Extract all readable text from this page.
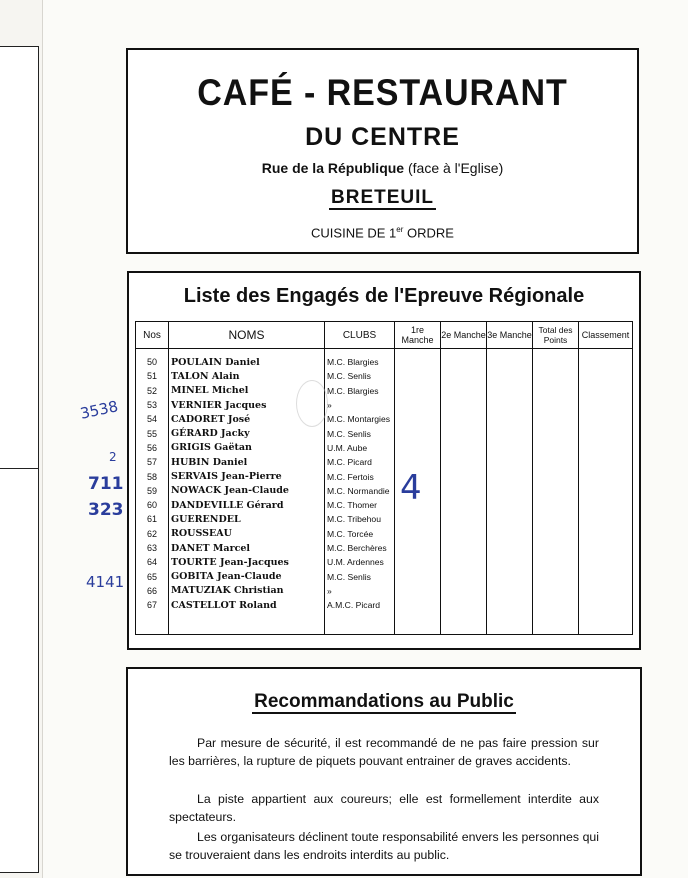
CAFÉ - RESTAURANT
DU CENTRE
Rue de la République (face à l'Eglise)
BRETEUIL
CUISINE DE 1er ORDRE
Liste des Engagés de l'Epreuve Régionale
Nos	NOMS	CLUBS	1re Manche	2e Manche	3e Manche	Total des Points	Classement
50	POULAIN Daniel	M.C. Blargies					
51	TALON Alain	M.C. Senlis					
52	MINEL Michel	M.C. Blargies					
53	VERNIER Jacques	»					
54	CADORET José	M.C. Montargies					
55	GÉRARD Jacky	M.C. Senlis					
56	GRIGIS Gaëtan	U.M. Aube					
57	HUBIN Daniel	M.C. Picard					
58	SERVAIS Jean-Pierre	M.C. Fertois					
59	NOWACK Jean-Claude	M.C. Normandie					
60	DANDEVILLE Gérard	M.C. Thomer					
61	GUERENDEL	M.C. Tribehou					
62	ROUSSEAU	M.C. Torcée					
63	DANET Marcel	M.C. Berchères					
64	TOURTE Jean-Jacques	U.M. Ardennes					
65	GOBITA Jean-Claude	M.C. Senlis					
66	MATUZIAK Christian	»					
67	CASTELLOT Roland	A.M.C. Picard					

3538
2
711
323
4141
4
Recommandations au Public
Par mesure de sécurité, il est recommandé de ne pas faire pression sur les barrières, la rupture de piquets pouvant entrainer de graves accidents.
La piste appartient aux coureurs; elle est formellement interdite aux spectateurs.
Les organisateurs déclinent toute responsabilité envers les personnes qui se trouveraient dans les endroits interdits au public.
